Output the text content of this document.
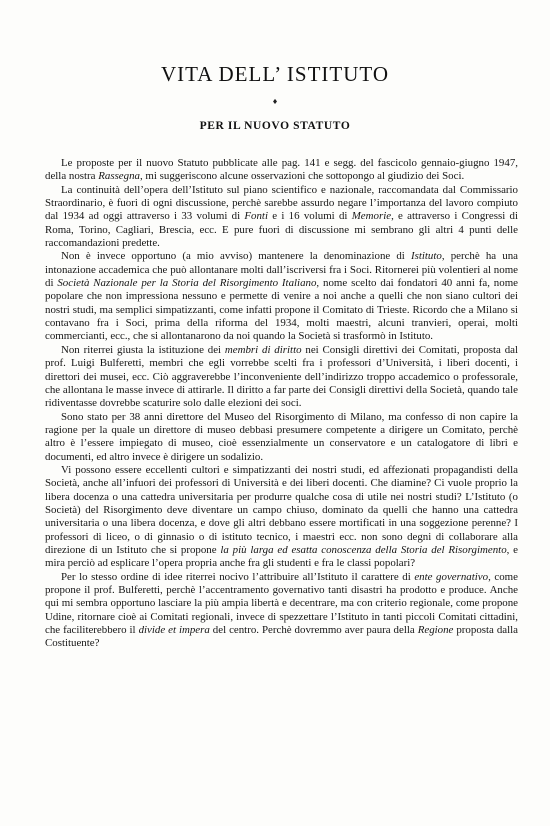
VITA DELL’ ISTITUTO
♦
PER IL NUOVO STATUTO

Le proposte per il nuovo Statuto pubblicate alle pag. 141 e segg. del fascicolo gennaio-giugno 1947, della nostra Rassegna, mi suggeriscono alcune osservazioni che sottopongo al giudizio dei Soci.

La continuità dell’opera dell’Istituto sul piano scientifico e nazionale, raccomandata dal Commissario Straordinario, è fuori di ogni discussione, perchè sarebbe assurdo negare l’importanza del lavoro compiuto dal 1934 ad oggi attraverso i 33 volumi di Fonti e i 16 volumi di Memorie, e attraverso i Congressi di Roma, Torino, Cagliari, Brescia, ecc. E pure fuori di discussione mi sembrano gli altri 4 punti delle raccomandazioni predette.

Non è invece opportuno (a mio avviso) mantenere la denominazione di Istituto, perchè ha una intonazione accademica che può allontanare molti dall’iscriversi fra i Soci. Ritornerei più volentieri al nome di Società Nazionale per la Storia del Risorgimento Italiano, nome scelto dai fondatori 40 anni fa, nome popolare che non impressiona nessuno e permette di venire a noi anche a quelli che non siano cultori dei nostri studi, ma semplici simpatizzanti, come infatti propone il Comitato di Trieste. Ricordo che a Milano si contavano fra i Soci, prima della riforma del 1934, molti maestri, alcuni tranvieri, operai, molti commercianti, ecc., che si allontanarono da noi quando la Società si trasformò in Istituto.

Non riterrei giusta la istituzione dei membri di diritto nei Consigli direttivi dei Comitati, proposta dal prof. Luigi Bulferetti, membri che egli vorrebbe scelti fra i professori d’Università, i liberi docenti, i direttori dei musei, ecc. Ciò aggraverebbe l’inconveniente dell’indirizzo troppo accademico o professorale, che allontana le masse invece di attirarle. Il diritto a far parte dei Consigli direttivi della Società, quando tale ridiventasse dovrebbe scaturire solo dalle elezioni dei soci.

Sono stato per 38 anni direttore del Museo del Risorgimento di Milano, ma confesso di non capire la ragione per la quale un direttore di museo debbasi presumere competente a dirigere un Comitato, perchè altro è l’essere impiegato di museo, cioè essenzialmente un conservatore e un catalogatore di libri e documenti, ed altro invece è dirigere un sodalizio.

Vi possono essere eccellenti cultori e simpatizzanti dei nostri studi, ed affezionati propagandisti della Società, anche all’infuori dei professori di Università e dei liberi docenti. Che diamine? Ci vuole proprio la libera docenza o una cattedra universitaria per produrre qualche cosa di utile nei nostri studi? L’Istituto (o Società) del Risorgimento deve diventare un campo chiuso, dominato da quelli che hanno una cattedra universitaria o una libera docenza, e dove gli altri debbano essere mortificati in una soggezione perenne? I professori di liceo, o di ginnasio o di istituto tecnico, i maestri ecc. non sono degni di collaborare alla direzione di un Istituto che si propone la più larga ed esatta conoscenza della Storia del Risorgimento, e mira perciò ad esplicare l’opera propria anche fra gli studenti e fra le classi popolari?

Per lo stesso ordine di idee riterrei nocivo l’attribuire all’Istituto il carattere di ente governativo, come propone il prof. Bulferetti, perchè l’accentramento governativo tanti disastri ha prodotto e produce. Anche qui mi sembra opportuno lasciare la più ampia libertà e decentrare, ma con criterio regionale, come propone Udine, ritornare cioè ai Comitati regionali, invece di spezzettare l’Istituto in tanti piccoli Comitati cittadini, che faciliterebbero il divide et impera del centro. Perchè dovremmo aver paura della Regione proposta dalla Costituente?
